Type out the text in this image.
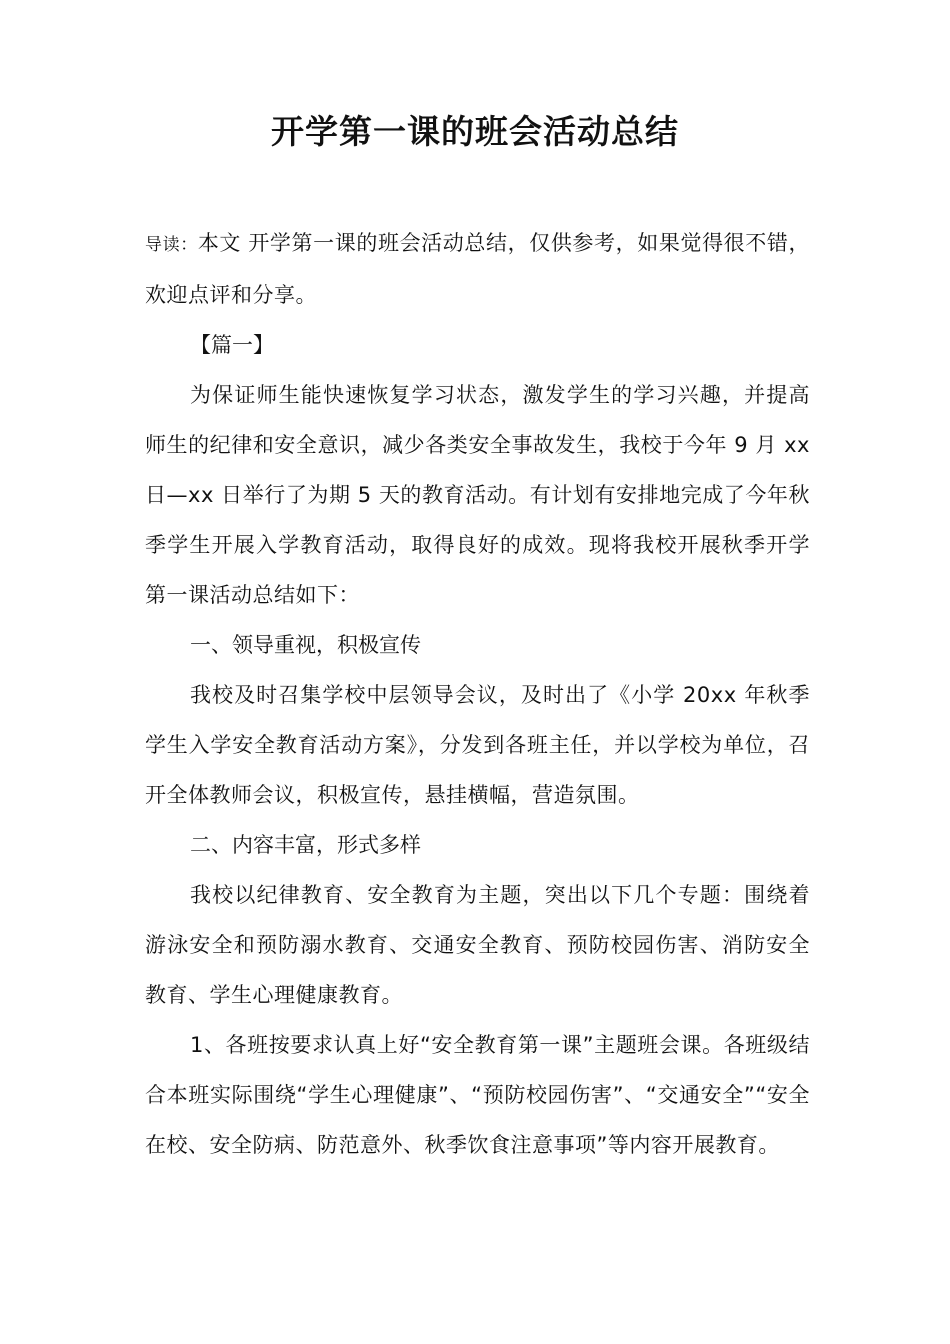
开学第一课的班会活动总结

导读：本文 开学第一课的班会活动总结，仅供参考，如果觉得很不错，欢迎点评和分享。

【篇一】

为保证师生能快速恢复学习状态，激发学生的学习兴趣，并提高师生的纪律和安全意识，减少各类安全事故发生，我校于今年 9 月 xx 日—xx 日举行了为期 5 天的教育活动。有计划有安排地完成了今年秋季学生开展入学教育活动，取得良好的成效。现将我校开展秋季开学第一课活动总结如下：

一、领导重视，积极宣传

我校及时召集学校中层领导会议，及时出了《小学 20xx 年秋季学生入学安全教育活动方案》，分发到各班主任，并以学校为单位，召开全体教师会议，积极宣传，悬挂横幅，营造氛围。

二、内容丰富，形式多样

我校以纪律教育、安全教育为主题，突出以下几个专题：围绕着游泳安全和预防溺水教育、交通安全教育、预防校园伤害、消防安全教育、学生心理健康教育。

1、各班按要求认真上好“安全教育第一课”主题班会课。各班级结合本班实际围绕“学生心理健康”、“预防校园伤害”、“交通安全”“安全在校、安全防病、防范意外、秋季饮食注意事项”等内容开展教育。
